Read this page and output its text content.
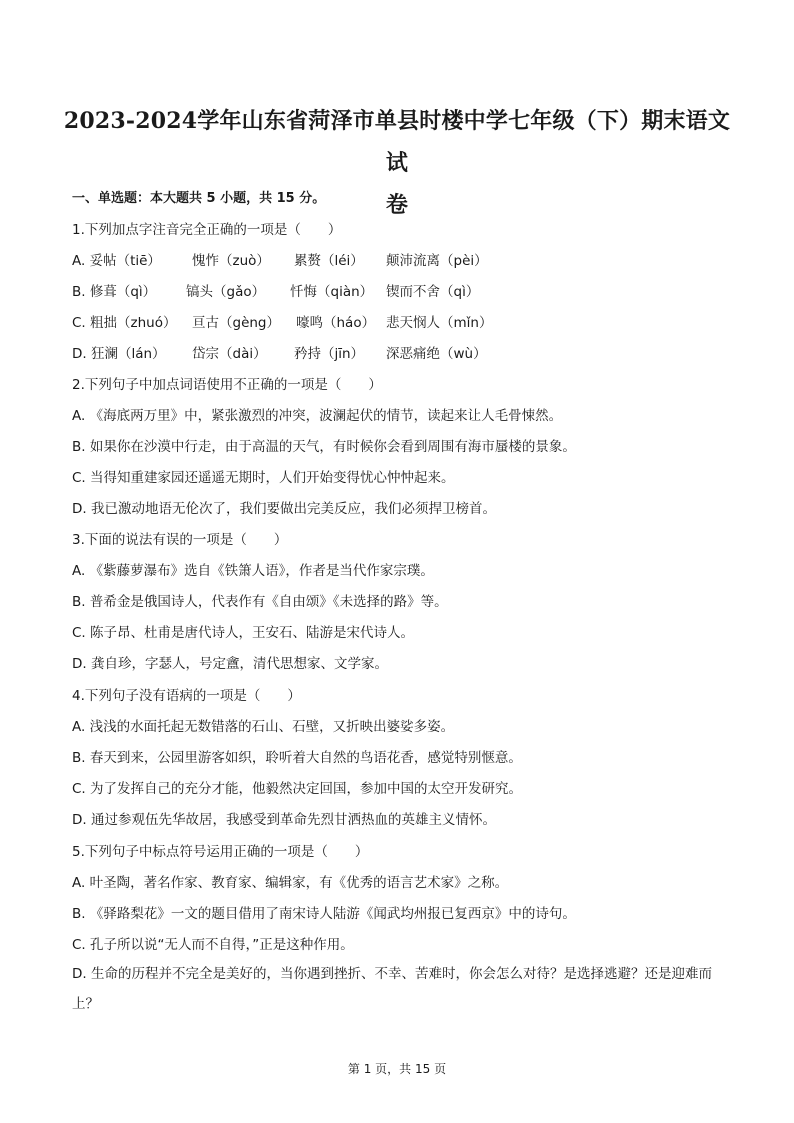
2023-2024学年山东省菏泽市单县时楼中学七年级（下）期末语文试
卷
一、单选题：本大题共 5 小题，共 15 分。
1.下列加点字注音完全正确的一项是（　　）
A. 妥帖（tiē）	愧怍（zuò）	累赘（léi）	颠沛流离（pèi）
B. 修葺（qì）	镐头（gǎo）	忏悔（qiàn） 锲而不舍（qì）
C. 粗拙（zhuó）	亘古（gèng）	嚎鸣（háo） 悲天悯人（mǐn）
D. 狂澜（lán）	岱宗（dài）	矜持（jīn）	深恶痛绝（wù）
2.下列句子中加点词语使用不正确的一项是（　　）
A. 《海底两万里》中，紧张激烈的冲突，波澜起伏的情节，读起来让人毛骨悚然。
B. 如果你在沙漠中行走，由于高温的天气，有时候你会看到周围有海市蜃楼的景象。
C. 当得知重建家园还遥遥无期时，人们开始变得忧心忡忡起来。
D. 我已激动地语无伦次了，我们要做出完美反应，我们必须捍卫榜首。
3.下面的说法有误的一项是（　　）
A. 《紫藤萝瀑布》选自《铁箫人语》，作者是当代作家宗璞。
B. 普希金是俄国诗人，代表作有《自由颂》《未选择的路》等。
C. 陈子昂、杜甫是唐代诗人，王安石、陆游是宋代诗人。
D. 龚自珍，字瑟人，号定盦，清代思想家、文学家。
4.下列句子没有语病的一项是（　　）
A. 浅浅的水面托起无数错落的石山、石壁，又折映出婆娑多姿。
B. 春天到来，公园里游客如织，聆听着大自然的鸟语花香，感觉特别惬意。
C. 为了发挥自己的充分才能，他毅然决定回国，参加中国的太空开发研究。
D. 通过参观伍先华故居，我感受到革命先烈甘洒热血的英雄主义情怀。
5.下列句子中标点符号运用正确的一项是（　　）
A. 叶圣陶，著名作家、教育家、编辑家，有《优秀的语言艺术家》之称。
B. 《驿路梨花》一文的题目借用了南宋诗人陆游《闻武均州报已复西京》中的诗句。
C. 孔子所以说“无人而不自得，”正是这种作用。
D. 生命的历程并不完全是美好的，当你遇到挫折、不幸、苦难时，你会怎么对待？是选择逃避？还是迎难而上？
第 1 页，共 15 页
